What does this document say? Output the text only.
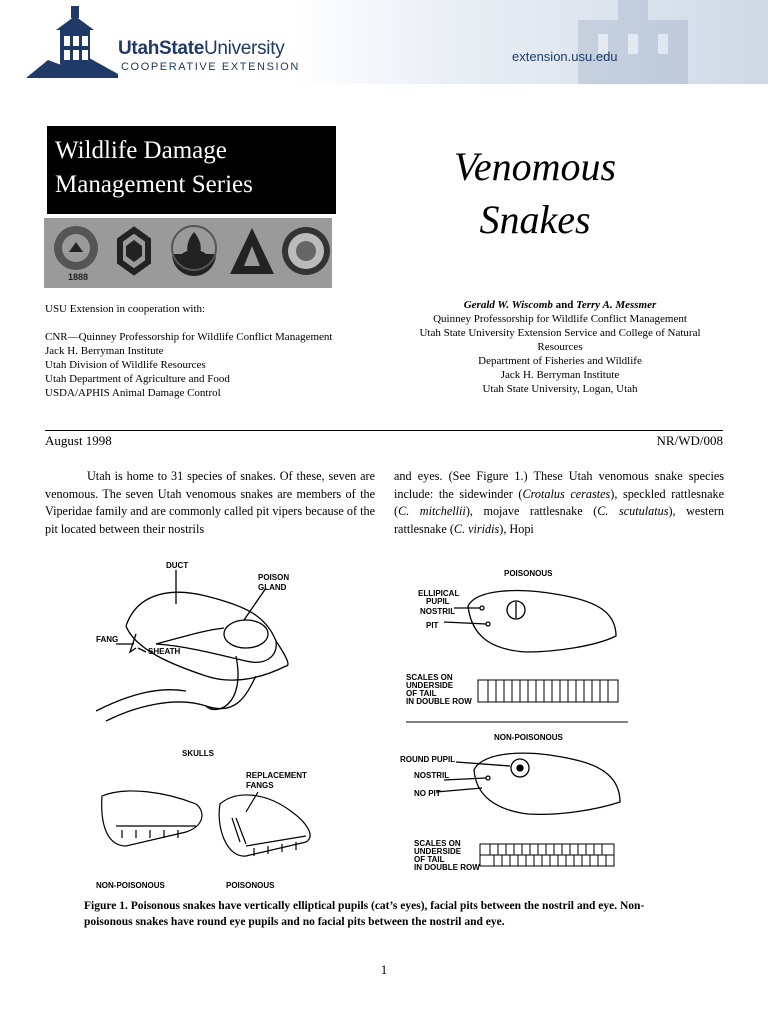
UtahStateUniversity
COOPERATIVE EXTENSION
extension.usu.edu
Wildlife Damage
Management Series
1888
Venomous
Snakes
USU Extension in cooperation with:
CNR—Quinney Professorship for Wildlife Conflict Management
Jack H. Berryman Institute
Utah Division of Wildlife Resources
Utah Department of Agriculture and Food
USDA/APHIS Animal Damage Control
Gerald W. Wiscomb and Terry A. Messmer
Quinney Professorship for Wildlife Conflict Management
Utah State University Extension Service and College of Natural
Resources
Department of Fisheries and Wildlife
Jack H. Berryman Institute
Utah State University, Logan, Utah
August 1998	NR/WD/008

Utah is home to 31 species of snakes. Of these, seven are venomous. The seven Utah venomous snakes are members of the Viperidae family and are commonly called pit vipers because of the pit located between their nostrils

and eyes. (See Figure 1.) These Utah venomous snake species include: the sidewinder (Crotalus cerastes), speckled rattlesnake (C. mitchellii), mojave rattlesnake (C. scutulatus), western rattlesnake (C. viridis), Hopi

DUCT
POISON
GLAND
FANG
SHEATH
SKULLS
REPLACEMENT
FANGS
NON-POISONOUS	POISONOUS
POISONOUS
ELLIPICAL
PUPIL
NOSTRIL
PIT
SCALES ON
UNDERSIDE
OF TAIL
IN DOUBLE ROW
NON-POISONOUS
ROUND PUPIL
NOSTRIL
NO PIT
SCALES ON
UNDERSIDE
OF TAIL
IN DOUBLE ROW
Figure 1. Poisonous snakes have vertically elliptical pupils (cat’s eyes), facial pits between the nostril and eye. Non-poisonous snakes have round eye pupils and no facial pits between the nostril and eye.
1
